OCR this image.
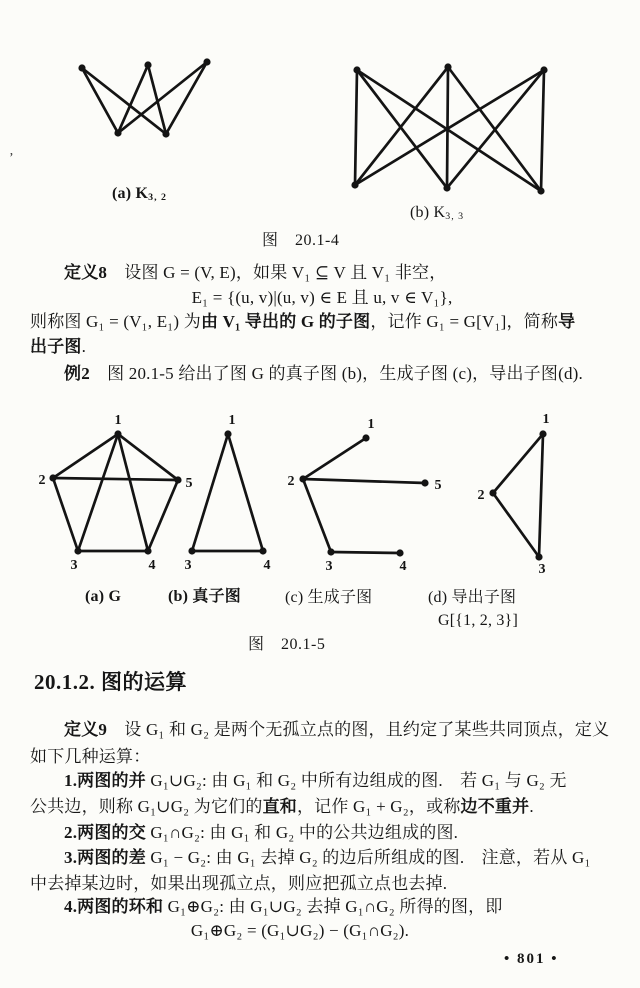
1
2	5
3	4
1
3	4
1
2	5
3	4
1
2
3
’
(a) $K_{3, 2}$
(b) $K_{3, 3}$
图　20.1-4
定义8　设图 G = (V, E)，如果 V₁ ⊆ V 且 V₁ 非空，
E₁ = {(u, v)|(u, v) ∈ E 且 u, v ∈ V₁},
则称图 G₁ = (V₁, E₁) 为由 V₁ 导出的 G 的子图，记作 G₁ = G[V₁]，简称导
出子图.
例2　图 20.1-5 给出了图 G 的真子图 (b)，生成子图 (c)，导出子图(d).
(a) G	(b) 真子图	(c) 生成子图	(d) 导出子图
G[{1, 2, 3}]
图　20.1-5
20.1.2. 图的运算
定义9　设 G₁ 和 G₂ 是两个无孤立点的图，且约定了某些共同顶点，定义
如下几种运算：
1.两图的并 G₁∪G₂: 由 G₁ 和 G₂ 中所有边组成的图.　若 G₁ 与 G₂ 无
公共边，则称 G₁∪G₂ 为它们的直和，记作 G₁ + G₂，或称边不重并.
2.两图的交 G₁∩G₂: 由 G₁ 和 G₂ 中的公共边组成的图.
3.两图的差 G₁ − G₂: 由 G₁ 去掉 G₂ 的边后所组成的图.　注意，若从 G₁
中去掉某边时，如果出现孤立点，则应把孤立点也去掉.
4.两图的环和 G₁⊕G₂: 由 G₁∪G₂ 去掉 G₁∩G₂ 所得的图，即
G₁⊕G₂ = (G₁∪G₂) − (G₁∩G₂).
• 801 •
